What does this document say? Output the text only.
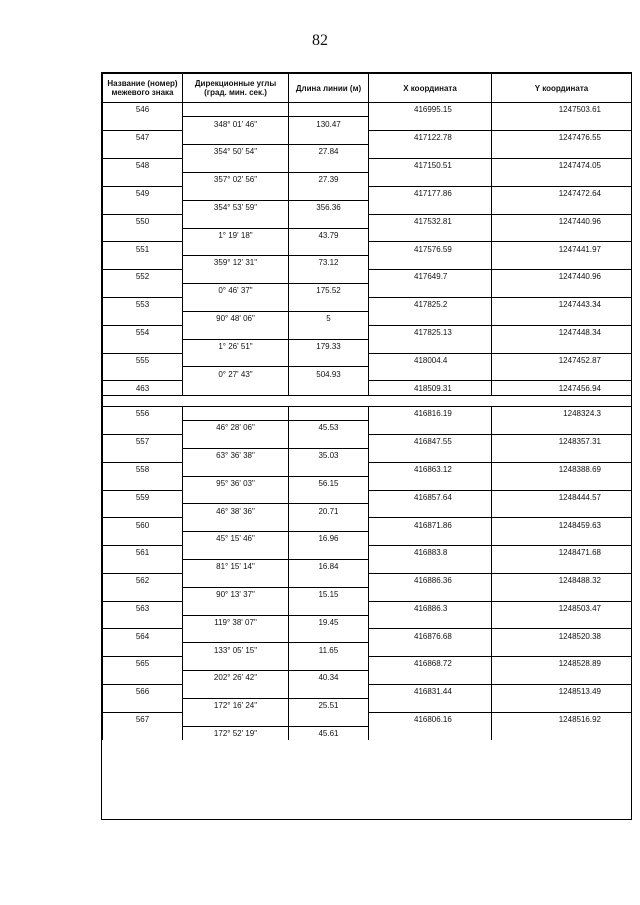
82
Название (номер) межевого знака	Дирекционные углы (град. мин. сек.)	Длина линии (м)	X координата	Y координата
546			416995.15	1247503.61
	348° 01' 46"	130.47		
547			417122.78	1247476.55
	354° 50' 54"	27.84		
548			417150.51	1247474.05
	357° 02' 56"	27.39		
549			417177.86	1247472.64
	354° 53' 59"	356.36		
550			417532.81	1247440.96
	1° 19' 18"	43.79		
551			417576.59	1247441.97
	359° 12' 31"	73.12		
552			417649.7	1247440.96
	0° 46' 37"	175.52		
553			417825.2	1247443.34
	90° 48' 06"	5		
554			417825.13	1247448.34
	1° 26' 51"	179.33		
555			418004.4	1247452.87
	0° 27' 43"	504.93		
463			418509.31	1247456.94

556			416816.19	1248324.3
	46° 28' 06"	45.53		
557			416847.55	1248357.31
	63° 36' 38"	35.03		
558			416863.12	1248388.69
	95° 36' 03"	56.15		
559			416857.64	1248444.57
	46° 38' 36"	20.71		
560			416871.86	1248459.63
	45° 15' 46"	16.96		
561			416883.8	1248471.68
	81° 15' 14"	16.84		
562			416886.36	1248488.32
	90° 13' 37"	15.15		
563			416886.3	1248503.47
	119° 38' 07"	19.45		
564			416876.68	1248520.38
	133° 05' 15"	11.65		
565			416868.72	1248528.89
	202° 26' 42"	40.34		
566			416831.44	1248513.49
	172° 16' 24"	25.51		
567			416806.16	1248516.92
	172° 52' 19"	45.61		
